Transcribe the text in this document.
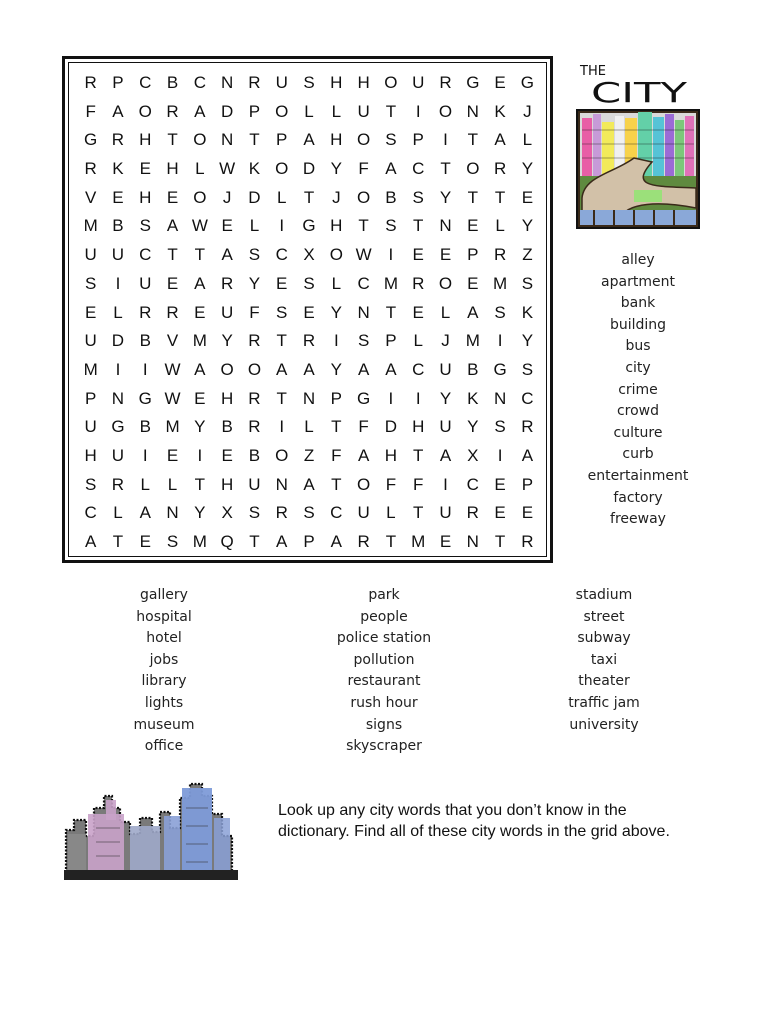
R P C B C N R U S H H O U R G E G
F A O R A D P O L	L U T	I	O N K	J
G R H T O N T P A H O S P	I	T A L
R K E H L W K O D Y F A C T O R Y
V E H E O J D L	T	J O B S Y T T E
M B S A W E L	I	G H T S T N E L Y
U U C T T A S C X O W I	E E P R Z
S	I	U E A R Y E S L C M R O E M S
E L R R E U F S E Y N T E L A S K
U D B V M Y R T R	I	S P L	J M	I	Y
M	I	I W A O O A A Y A A C U B G S
P N G W E H R T N P G	I	I	Y K N C
U G B M Y B R	I	L	T F D H U Y S R
H U	I	E	I	E B O Z F A H T A X	I	A
S R L	L	T H U N A T O F F	I	C E P
C L A N Y X S R S C U L	T U R E E
A T E S M Q T A P A R T M E N T R
THE
CITY
alley
apartment
bank
building
bus
city
crime
crowd
culture
curb
entertainment
factory
freeway
gallery
hospital
hotel
jobs
library
lights
museum
office
park
people
police station
pollution
restaurant
rush hour
signs
skyscraper
stadium
street
subway
taxi
theater
traffic jam
university
Look up any city words that you don’t know in the dictionary. Find all of these city words in the grid above.
